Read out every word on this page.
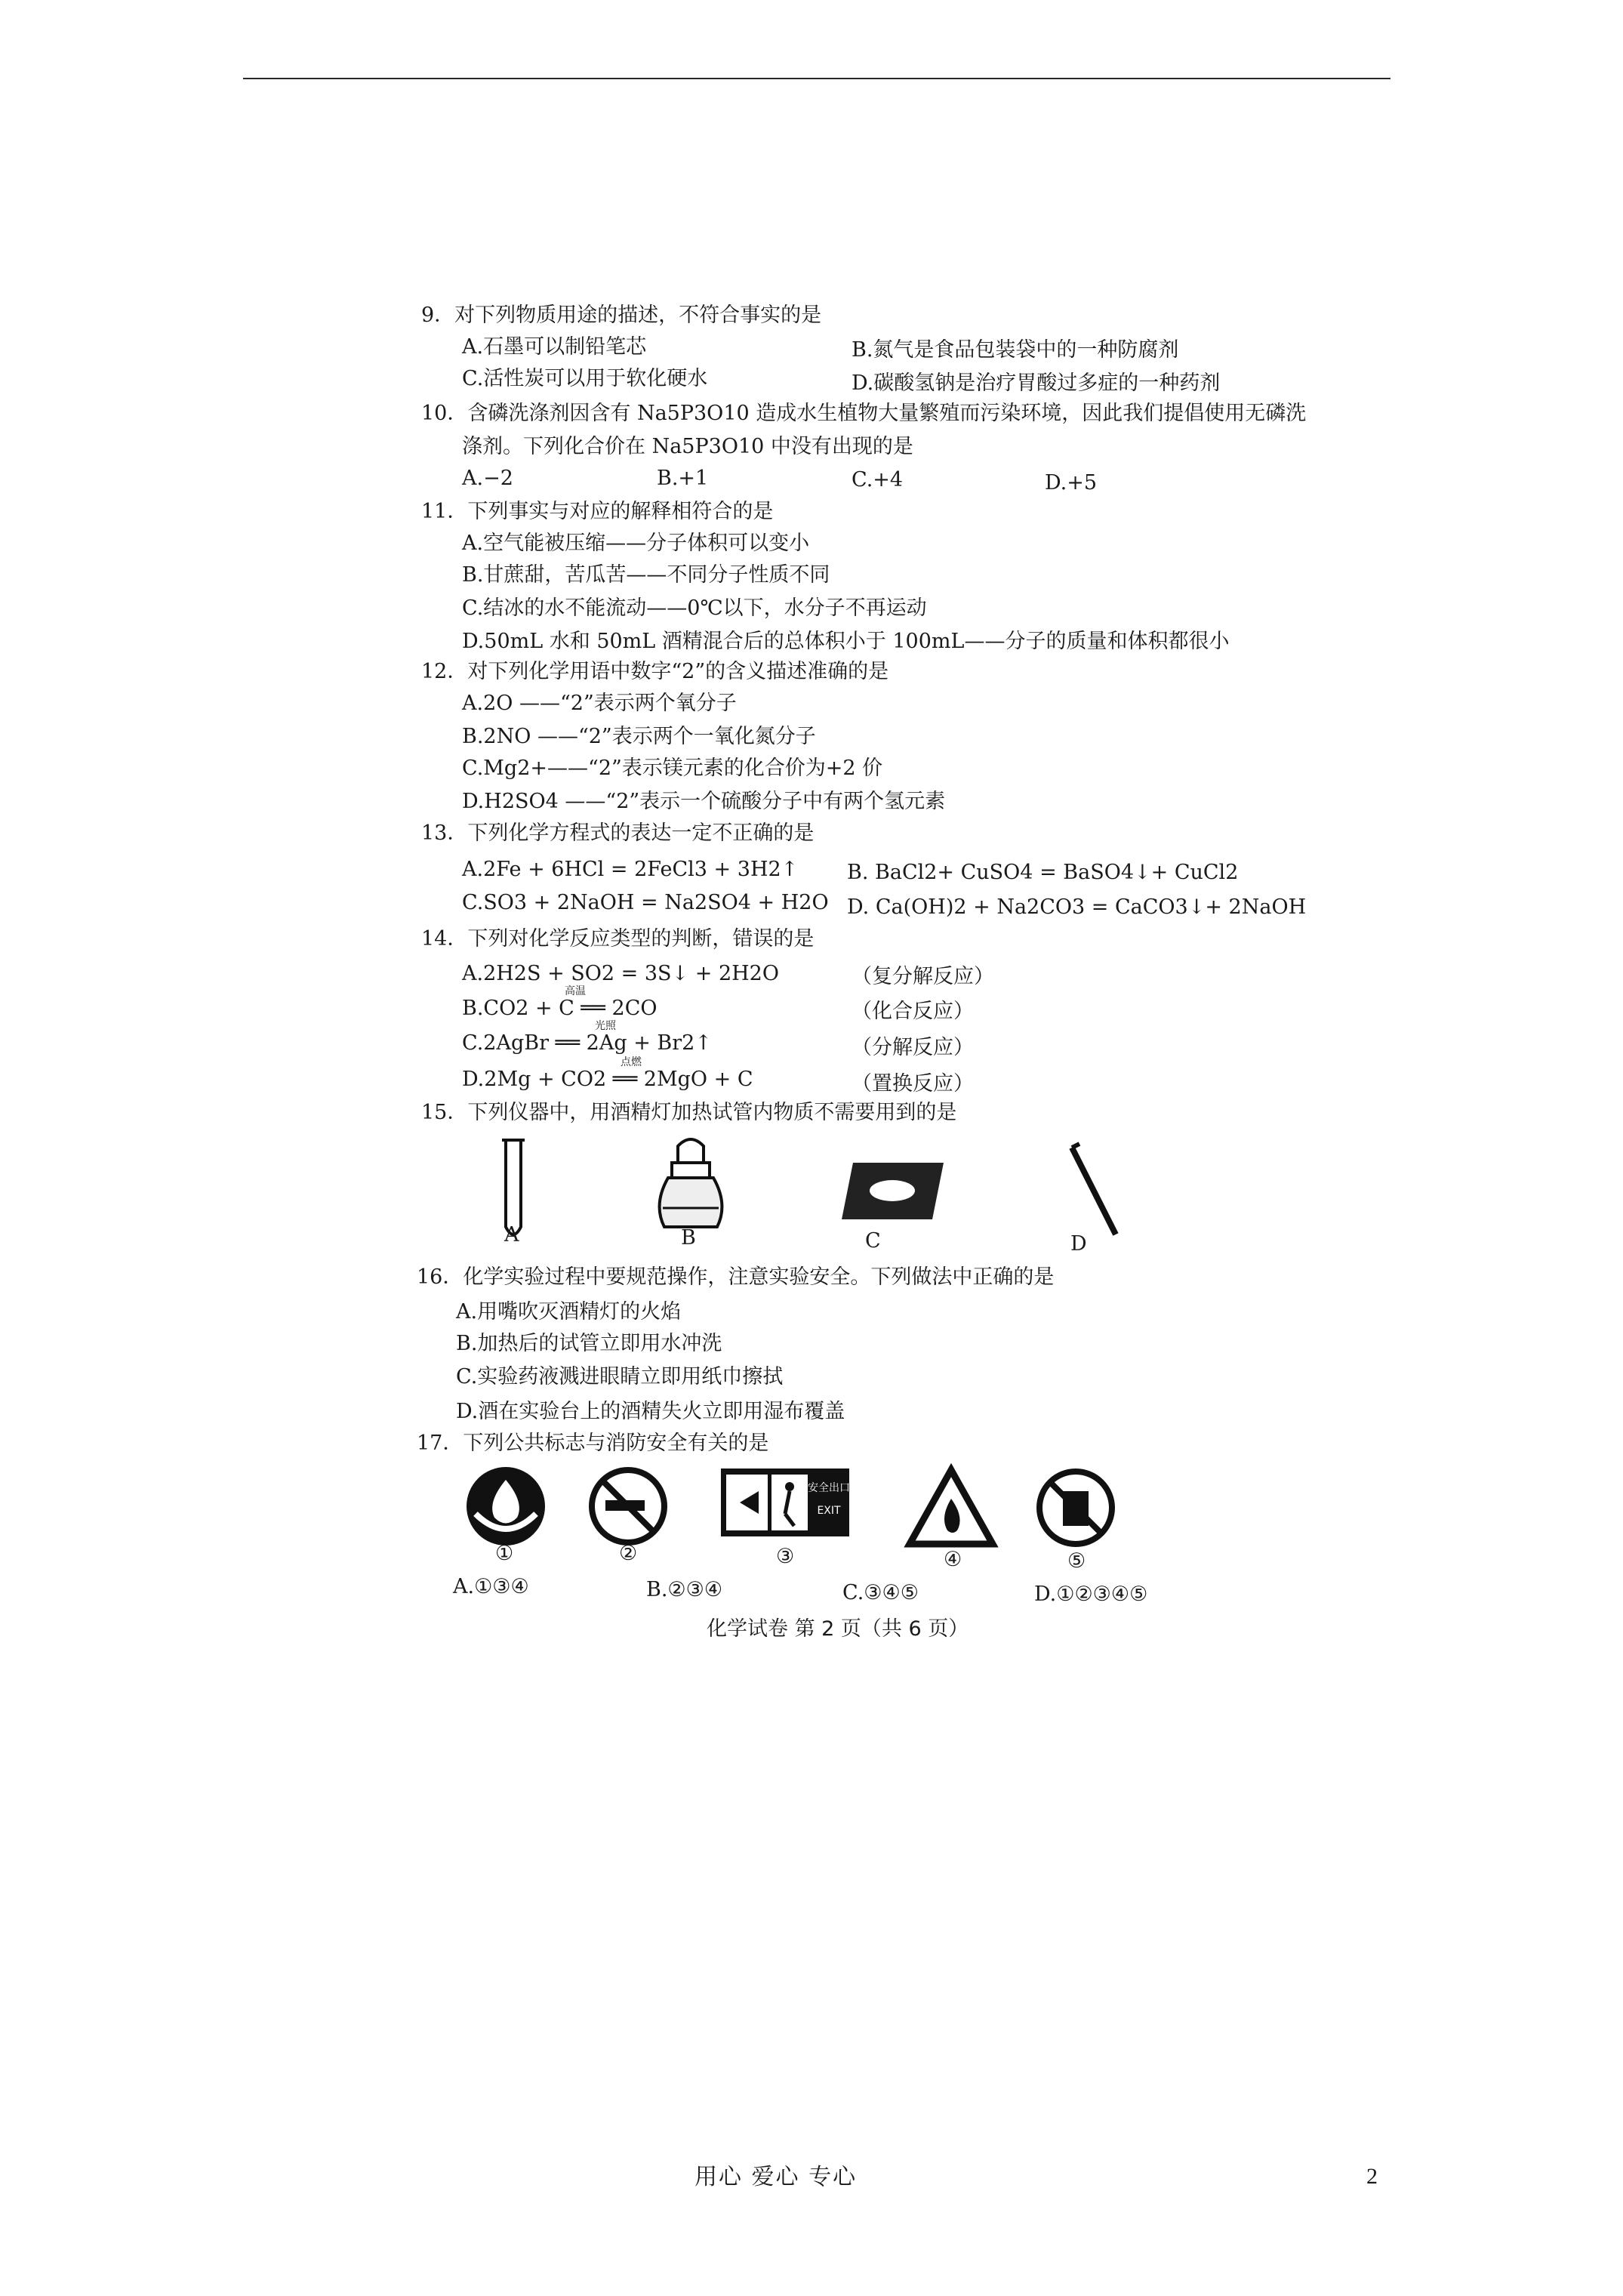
9．对下列物质用途的描述，不符合事实的是
A.石墨可以制铅笔芯	B.氮气是食品包装袋中的一种防腐剂
C.活性炭可以用于软化硬水	D.碳酸氢钠是治疗胃酸过多症的一种药剂
10．含磷洗涤剂因含有 Na5P3O10 造成水生植物大量繁殖而污染环境，因此我们提倡使用无磷洗
涤剂。下列化合价在 Na5P3O10 中没有出现的是
A.−2	B.+1	C.+4	D.+5
11．下列事实与对应的解释相符合的是
A.空气能被压缩——分子体积可以变小
B.甘蔗甜，苦瓜苦——不同分子性质不同
C.结冰的水不能流动——0℃以下，水分子不再运动
D.50mL 水和 50mL 酒精混合后的总体积小于 100mL——分子的质量和体积都很小
12．对下列化学用语中数字“2”的含义描述准确的是
A.2O ——“2”表示两个氧分子
B.2NO ——“2”表示两个一氧化氮分子
C.Mg2+——“2”表示镁元素的化合价为+2 价
D.H2SO4 ——“2”表示一个硫酸分子中有两个氢元素
13．下列化学方程式的表达一定不正确的是
A.2Fe + 6HCl = 2FeCl3 + 3H2↑ B. BaCl2+ CuSO4 = BaSO4↓+ CuCl2
C.SO3 + 2NaOH = Na2SO4 + H2O D. Ca(OH)2 + Na2CO3 = CaCO3↓+ 2NaOH
14．下列对化学反应类型的判断，错误的是
A.2H2S + SO2 = 3S↓ + 2H2O	（复分解反应）
高温
B.CO2 + C ══ 2CO	（化合反应）
光照
C.2AgBr ══ 2Ag + Br2↑	（分解反应）
点燃
D.2Mg + CO2 ══ 2MgO + C	（置换反应）
15．下列仪器中，用酒精灯加热试管内物质不需要用到的是
A	B	C	D
16．化学实验过程中要规范操作，注意实验安全。下列做法中正确的是
A.用嘴吹灭酒精灯的火焰
B.加热后的试管立即用水冲洗
C.实验药液溅进眼睛立即用纸巾擦拭
D.酒在实验台上的酒精失火立即用湿布覆盖
17．下列公共标志与消防安全有关的是
安全出口
EXIT
①	②	③	④	⑤
A.①③④	B.②③④	C.③④⑤	D.①②③④⑤
化学试卷 第 2 页（共 6 页）
用心 爱心 专心	2
